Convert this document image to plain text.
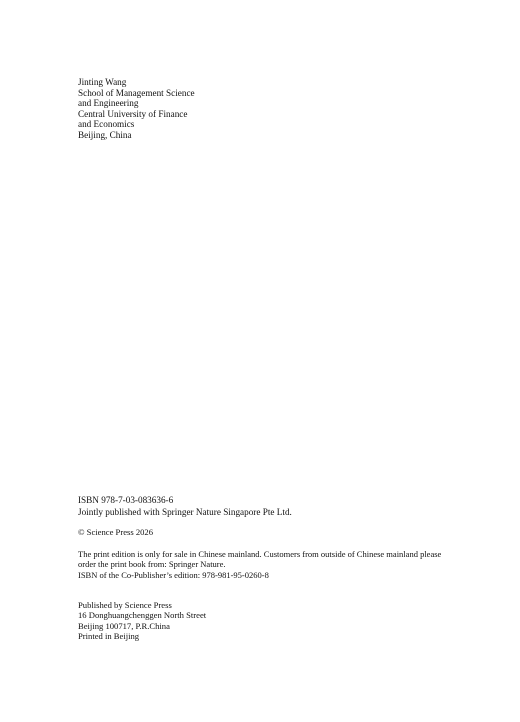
Jinting Wang
School of Management Science
and Engineering
Central University of Finance
and Economics
Beijing, China
ISBN 978-7-03-083636-6
Jointly published with Springer Nature Singapore Pte Ltd.
© Science Press 2026
The print edition is only for sale in Chinese mainland. Customers from outside of Chinese mainland please
order the print book from: Springer Nature.
ISBN of the Co-Publisher’s edition: 978-981-95-0260-8
Published by Science Press
16 Donghuangchenggen North Street
Beijing 100717, P.R.China
Printed in Beijing
